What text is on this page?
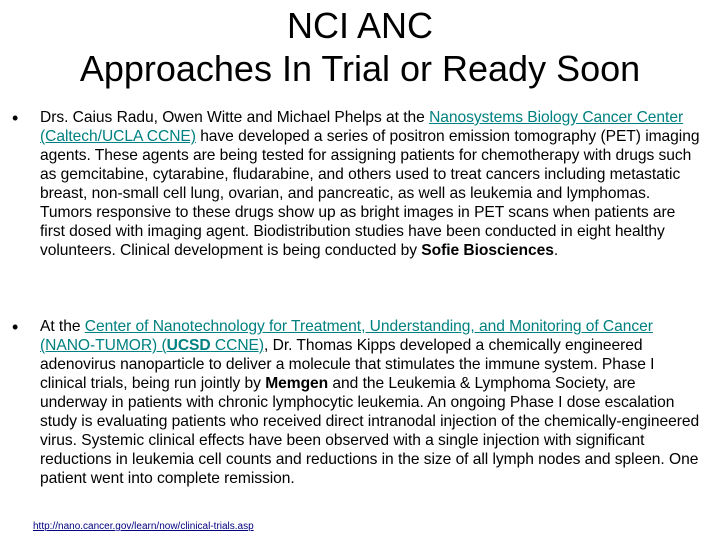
NCI ANC
Approaches In Trial or Ready Soon
• Drs. Caius Radu, Owen Witte and Michael Phelps at the Nanosystems Biology Cancer Center (Caltech/UCLA CCNE) have developed a series of positron emission tomography (PET) imaging agents. These agents are being tested for assigning patients for chemotherapy with drugs such as gemcitabine, cytarabine, fludarabine, and others used to treat cancers including metastatic breast, non-small cell lung, ovarian, and pancreatic, as well as leukemia and lymphomas. Tumors responsive to these drugs show up as bright images in PET scans when patients are first dosed with imaging agent. Biodistribution studies have been conducted in eight healthy volunteers. Clinical development is being conducted by Sofie Biosciences.
• At the Center of Nanotechnology for Treatment, Understanding, and Monitoring of Cancer (NANO-TUMOR) (UCSD CCNE), Dr. Thomas Kipps developed a chemically engineered adenovirus nanoparticle to deliver a molecule that stimulates the immune system. Phase I clinical trials, being run jointly by Memgen and the Leukemia & Lymphoma Society, are underway in patients with chronic lymphocytic leukemia. An ongoing Phase I dose escalation study is evaluating patients who received direct intranodal injection of the chemically-engineered virus. Systemic clinical effects have been observed with a single injection with significant reductions in leukemia cell counts and reductions in the size of all lymph nodes and spleen. One patient went into complete remission.
http://nano.cancer.gov/learn/now/clinical-trials.asp
